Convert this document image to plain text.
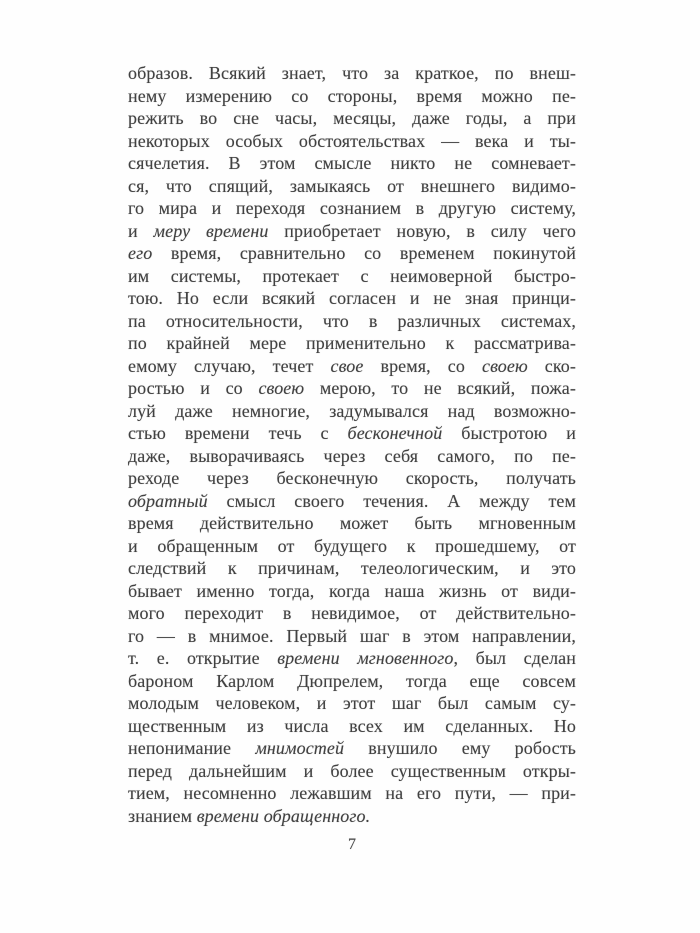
образов. Всякий знает, что за краткое, по внеш-
нему измерению со стороны, время можно пе-
режить во сне часы, месяцы, даже годы, а при
некоторых особых обстоятельствах — века и ты-
сячелетия. В этом смысле никто не сомневает-
ся, что спящий, замыкаясь от внешнего видимо-
го мира и переходя сознанием в другую систему,
и меру времени приобретает новую, в силу чего
его время, сравнительно со временем покинутой
им системы, протекает с неимоверной быстро-
тою. Но если всякий согласен и не зная принци-
па относительности, что в различных системах,
по крайней мере применительно к рассматрива-
емому случаю, течет свое время, со своею ско-
ростью и со своею мерою, то не всякий, пожа-
луй даже немногие, задумывался над возможно-
стью времени течь с бесконечной быстротою и
даже, выворачиваясь через себя самого, по пе-
реходе через бесконечную скорость, получать
обратный смысл своего течения. А между тем
время действительно может быть мгновенным
и обращенным от будущего к прошедшему, от
следствий к причинам, телеологическим, и это
бывает именно тогда, когда наша жизнь от види-
мого переходит в невидимое, от действительно-
го — в мнимое. Первый шаг в этом направлении,
т. е. открытие времени мгновенного, был сделан
бароном Карлом Дюпрелем, тогда еще совсем
молодым человеком, и этот шаг был самым су-
щественным из числа всех им сделанных. Но
непонимание мнимостей внушило ему робость
перед дальнейшим и более существенным откры-
тием, несомненно лежавшим на его пути, — при-
знанием времени обращенного.
7
